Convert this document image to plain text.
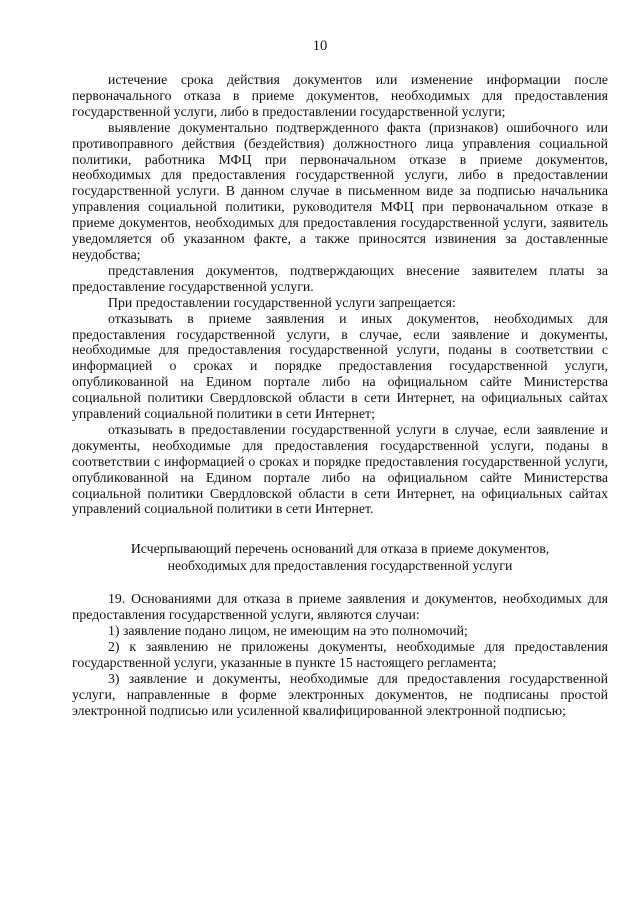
10

истечение срока действия документов или изменение информации после первоначального отказа в приеме документов, необходимых для предоставления государственной услуги, либо в предоставлении государственной услуги;

выявление документально подтвержденного факта (признаков) ошибочного или противоправного действия (бездействия) должностного лица управления социальной политики, работника МФЦ при первоначальном отказе в приеме документов, необходимых для предоставления государственной услуги, либо в предоставлении государственной услуги. В данном случае в письменном виде за подписью начальника управления социальной политики, руководителя МФЦ при первоначальном отказе в приеме документов, необходимых для предоставления государственной услуги, заявитель уведомляется об указанном факте, а также приносятся извинения за доставленные неудобства;

представления документов, подтверждающих внесение заявителем платы за предоставление государственной услуги.

При предоставлении государственной услуги запрещается:

отказывать в приеме заявления и иных документов, необходимых для предоставления государственной услуги, в случае, если заявление и документы, необходимые для предоставления государственной услуги, поданы в соответствии с информацией о сроках и порядке предоставления государственной услуги, опубликованной на Едином портале либо на официальном сайте Министерства социальной политики Свердловской области в сети Интернет, на официальных сайтах управлений социальной политики в сети Интернет;

отказывать в предоставлении государственной услуги в случае, если заявление и документы, необходимые для предоставления государственной услуги, поданы в соответствии с информацией о сроках и порядке предоставления государственной услуги, опубликованной на Едином портале либо на официальном сайте Министерства социальной политики Свердловской области в сети Интернет, на официальных сайтах управлений социальной политики в сети Интернет.

Исчерпывающий перечень оснований для отказа в приеме документов, необходимых для предоставления государственной услуги

19. Основаниями для отказа в приеме заявления и документов, необходимых для предоставления государственной услуги, являются случаи:

1) заявление подано лицом, не имеющим на это полномочий;

2) к заявлению не приложены документы, необходимые для предоставления государственной услуги, указанные в пункте 15 настоящего регламента;

3) заявление и документы, необходимые для предоставления государственной услуги, направленные в форме электронных документов, не подписаны простой электронной подписью или усиленной квалифицированной электронной подписью;
